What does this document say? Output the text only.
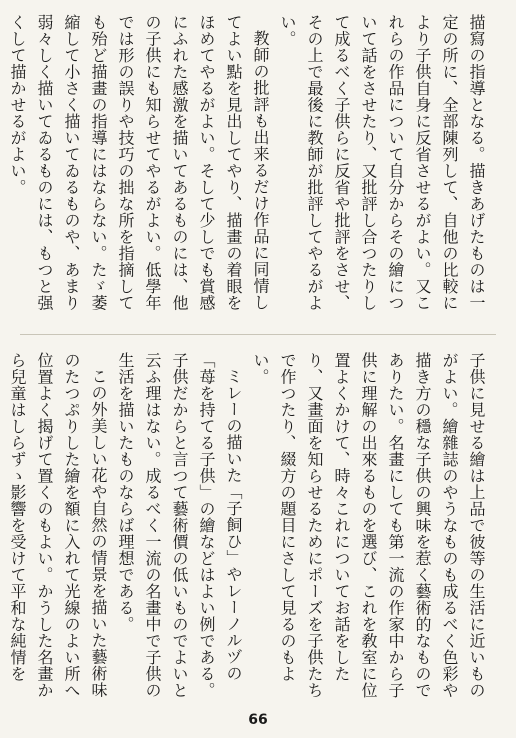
描寫の指導となる。描きあげたものは一定の所に、全部陳列して、自他の比較により子供自身に反省させるがよい。又これらの作品について自分からその繪について話をさせたり、又批評し合つたりして成るべく子供らに反省や批評をさせ、その上で最後に教師が批評してやるがよい。

教師の批評も出来るだけ作品に同情してよい點を見出してやり、描畫の着眼をほめてやるがよい。そして少しでも賞感にふれた感激を描いてあるものには、他の子供にも知らせてやるがよい。低學年では形の誤りや技巧の拙な所を指摘しても殆ど描畫の指導にはならない。たゞ萎縮して小さく描いてゐるものや、あまり弱々しく描いてゐるものには、もつと强くして描かせるがよい。

子供に見せる繪は上品で彼等の生活に近いものがよい。繪雜誌のやうなものも成るべく色彩や描き方の穩な子供の興味を惹く藝術的なものでありたい。名畫にしても第一流の作家中から子供に理解の出來るものを選び、これを敎室に位置よくかけて、時々これについてお話をしたり、又畫面を知らせるためにポーズを子供たちで作つたり、綴方の題目にさして見るのもよい。

ミレーの描いた「子飼ひ」やレーノルヅの「苺を持てる子供」の繪などはよい例である。子供だからと言つて藝術價の低いものでよいと云ふ理はない。成るべく一流の名畫中で子供の生活を描いたものならば理想である。

この外美しい花や自然の情景を描いた藝術味のたつぷりした繪を額に入れて光線のよい所へ位置よく揭げて置くのもよい。かうした名畫から兒童はしらずゝ影響を受けて平和な純情を

66
